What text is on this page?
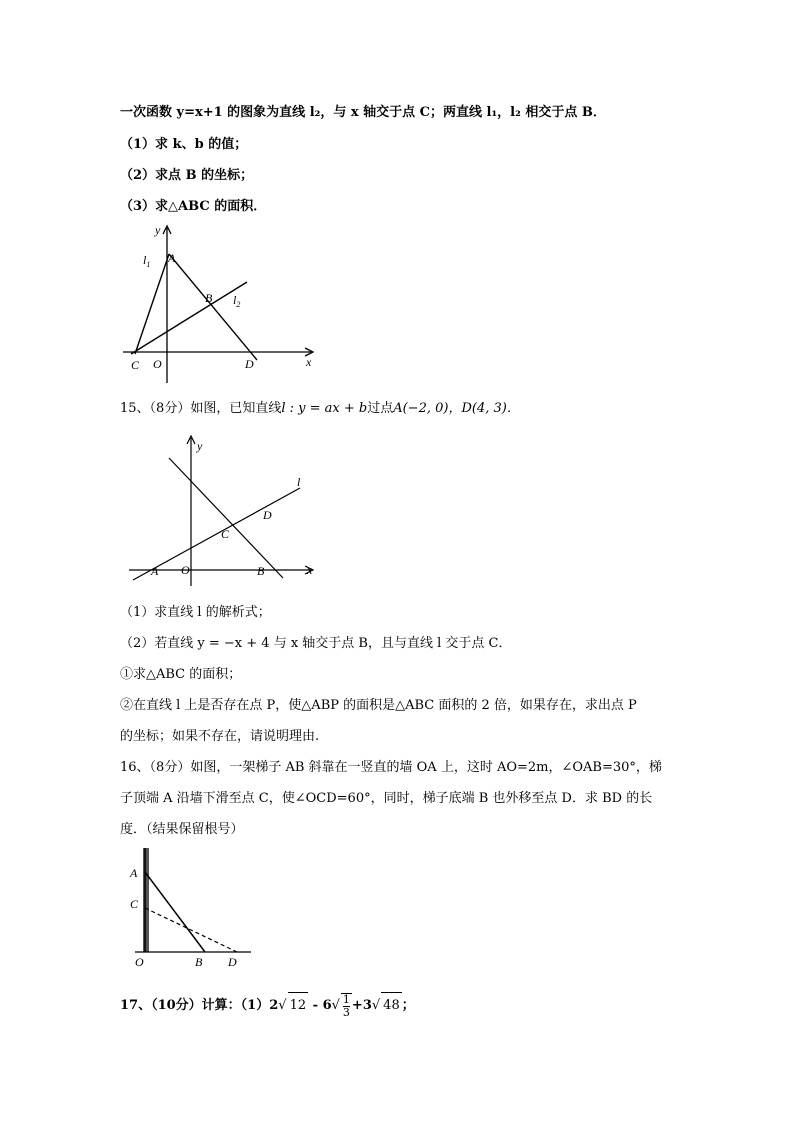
一次函数 y=x+1 的图象为直线 l₂，与 x 轴交于点 C；两直线 l₁，l₂ 相交于点 B．
（1）求 k、b 的值；
（2）求点 B 的坐标；
（3）求△ABC 的面积．
y
$l_1$ A
B $l_2$
C O	D	x
15、（8分）如图，已知直线l : y = ax + b过点A(−2, 0)，D(4, 3)．
y
l
D
C
A O	B	x
（1）求直线 l 的解析式；
（2）若直线 y = −x + 4 与 x 轴交于点 B，且与直线 l 交于点 C．
①求△ABC 的面积；
②在直线 l 上是否存在点 P，使△ABP 的面积是△ABC 面积的 2 倍，如果存在，求出点 P
的坐标；如果不存在，请说明理由.
16、（8分）如图，一架梯子 AB 斜靠在一竖直的墙 OA 上，这时 AO=2m，∠OAB=30°，梯
子顶端 A 沿墙下滑至点 C，使∠OCD=60°，同时，梯子底端 B 也外移至点 D．求 BD 的长
度．（结果保留根号）
A
C
O	B D
17、（10分）计算：（1）2√ $12 - 6√ \frac{1}{3} +3√$ 48 ；
